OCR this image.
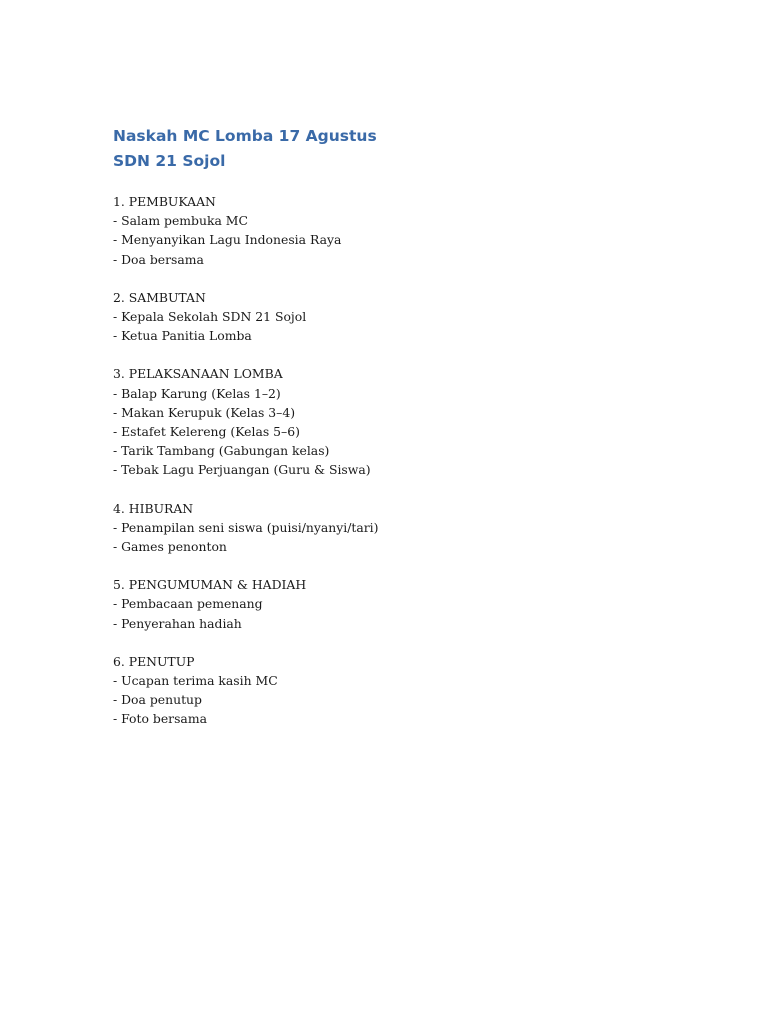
Naskah MC Lomba 17 Agustus
SDN 21 Sojol
1. PEMBUKAAN
- Salam pembuka MC
- Menyanyikan Lagu Indonesia Raya
- Doa bersama
2. SAMBUTAN
- Kepala Sekolah SDN 21 Sojol
- Ketua Panitia Lomba
3. PELAKSANAAN LOMBA
- Balap Karung (Kelas 1–2)
- Makan Kerupuk (Kelas 3–4)
- Estafet Kelereng (Kelas 5–6)
- Tarik Tambang (Gabungan kelas)
- Tebak Lagu Perjuangan (Guru & Siswa)
4. HIBURAN
- Penampilan seni siswa (puisi/nyanyi/tari)
- Games penonton
5. PENGUMUMAN & HADIAH
- Pembacaan pemenang
- Penyerahan hadiah
6. PENUTUP
- Ucapan terima kasih MC
- Doa penutup
- Foto bersama
